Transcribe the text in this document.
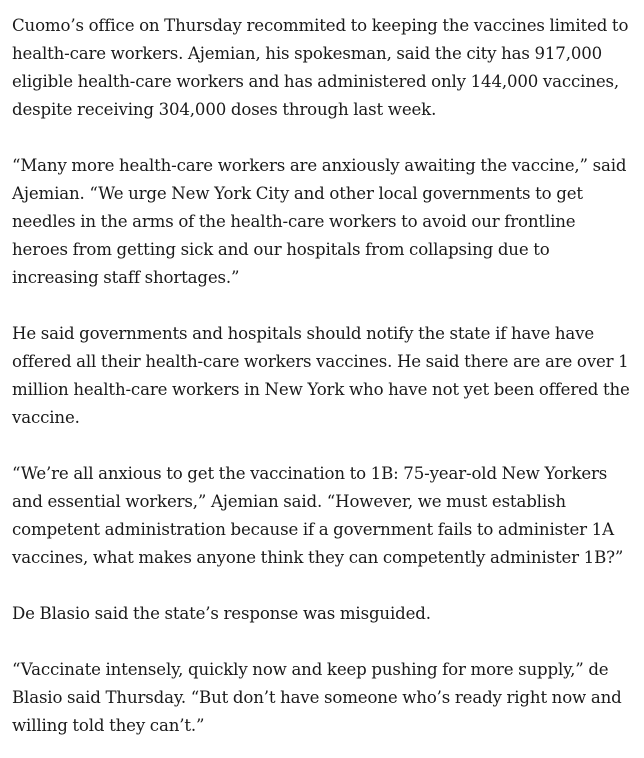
Cuomo’s office on Thursday recommited to keeping the vaccines limited to health-care workers. Ajemian, his spokesman, said the city has 917,000 eligible health-care workers and has administered only 144,000 vaccines, despite receiving 304,000 doses through last week.

“Many more health-care workers are anxiously awaiting the vaccine,” said Ajemian. “We urge New York City and other local governments to get needles in the arms of the health-care workers to avoid our frontline heroes from getting sick and our hospitals from collapsing due to increasing staff shortages.”

He said governments and hospitals should notify the state if have have offered all their health-care workers vaccines. He said there are are over 1 million health-care workers in New York who have not yet been offered the vaccine.

“We’re all anxious to get the vaccination to 1B: 75-year-old New Yorkers and essential workers,” Ajemian said. “However, we must establish competent administration because if a government fails to administer 1A vaccines, what makes anyone think they can competently administer 1B?”

De Blasio said the state’s response was misguided.

“Vaccinate intensely, quickly now and keep pushing for more supply,” de Blasio said Thursday. “But don’t have someone who’s ready right now and willing told they can’t.”
